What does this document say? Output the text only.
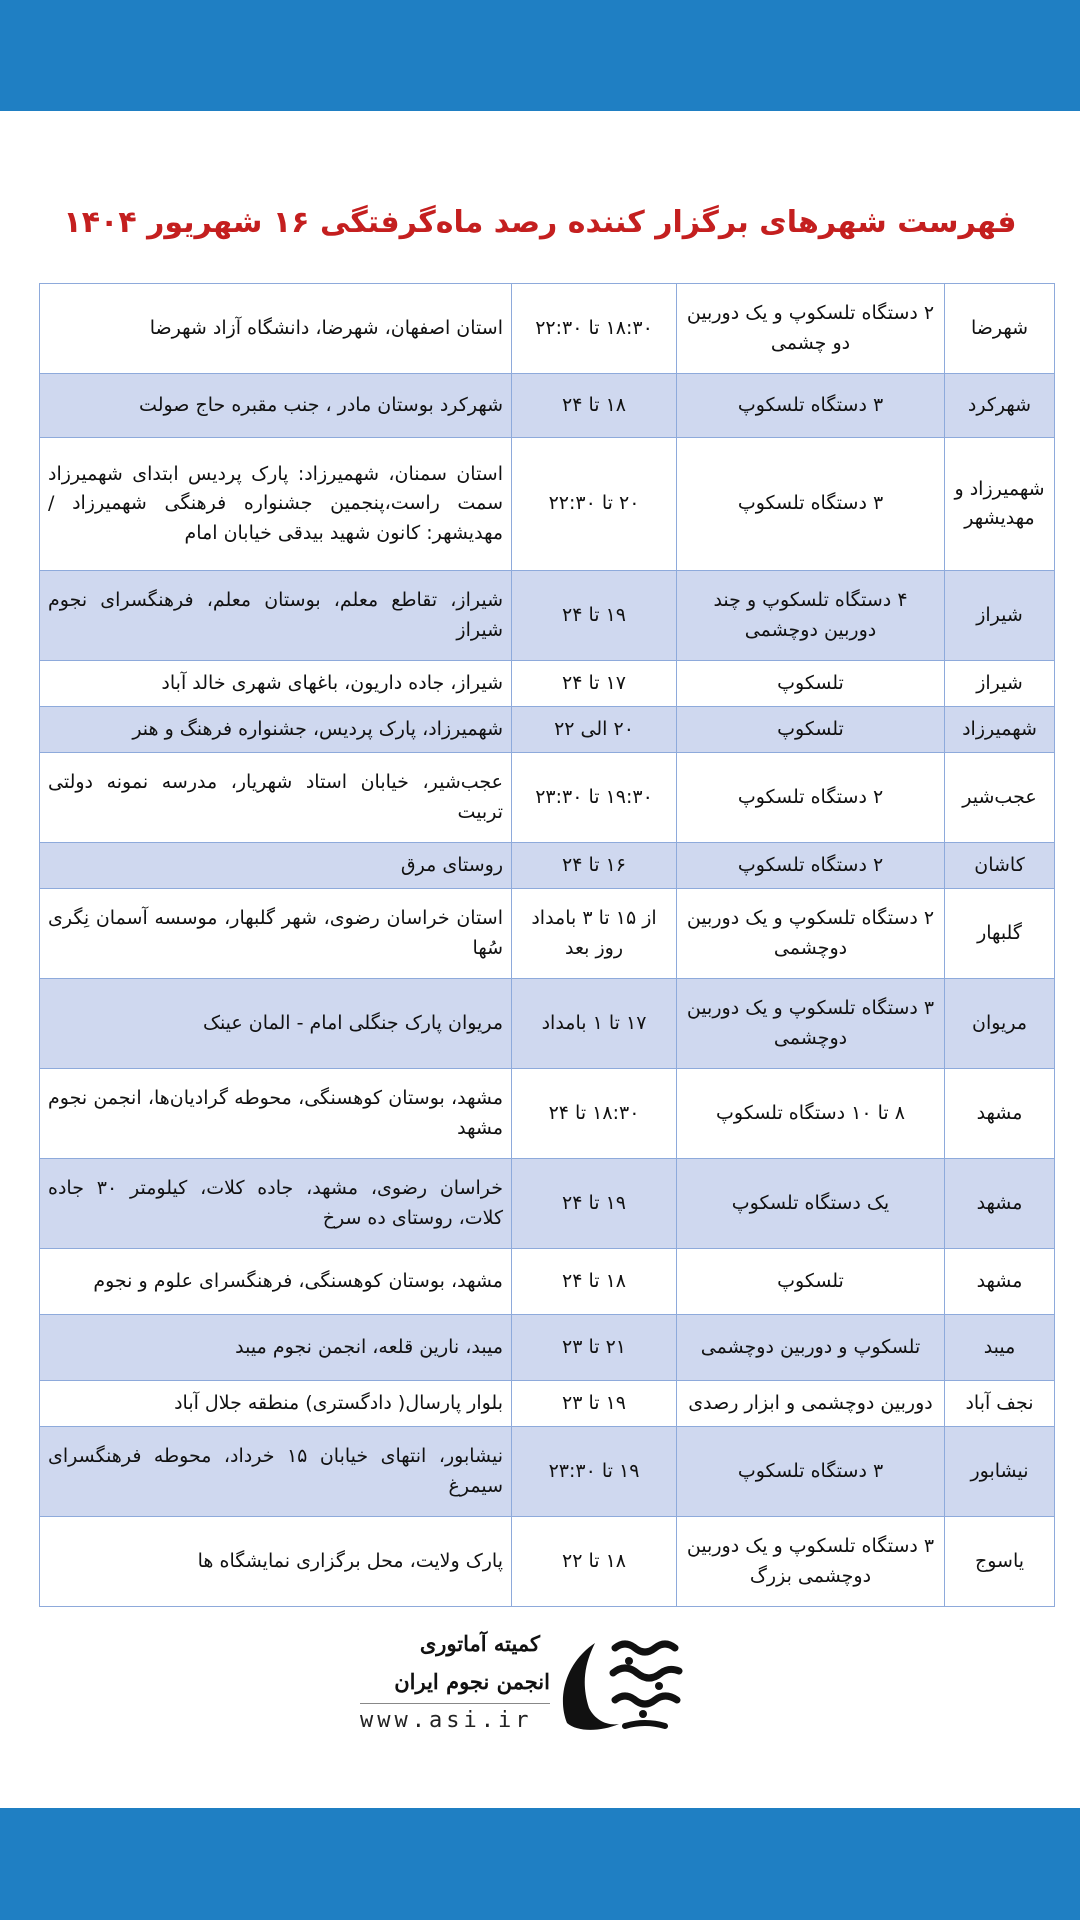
فهرست شهرهای برگزار کننده رصد ماه‌گرفتگی ۱۶ شهریور ۱۴۰۴
شهرضا	۲ دستگاه تلسکوپ و یک دوربین دو چشمی	۱۸:۳۰ تا ۲۲:۳۰	استان اصفهان، شهرضا، دانشگاه آزاد شهرضا
شهرکرد	۳ دستگاه تلسکوپ	۱۸ تا ۲۴	شهرکرد بوستان مادر ، جنب مقبره حاج صولت
شهمیرزاد و مهدیشهر	۳ دستگاه تلسکوپ	۲۰ تا ۲۲:۳۰	استان سمنان، شهمیرزاد: پارک پردیس ابتدای شهمیرزاد سمت راست،پنجمین جشنواره فرهنگی شهمیرزاد / مهدیشهر: کانون شهید بیدقی خیابان امام
شیراز	۴ دستگاه تلسکوپ و چند دوربین دوچشمی	۱۹ تا ۲۴	شیراز، تقاطع معلم، بوستان معلم، فرهنگسرای نجوم شیراز
شیراز	تلسکوپ	۱۷ تا ۲۴	شیراز، جاده داریون، باغهای شهری خالد آباد
شهمیرزاد	تلسکوپ	۲۰ الی ۲۲	شهمیرزاد، پارک پردیس، جشنواره فرهنگ و هنر
عجب‌شیر	۲ دستگاه تلسکوپ	۱۹:۳۰ تا ۲۳:۳۰	عجب‌شیر، خیابان استاد شهریار، مدرسه نمونه دولتی تربیت
کاشان	۲ دستگاه تلسکوپ	۱۶ تا ۲۴	روستای مرق
گلبهار	۲ دستگاه تلسکوپ و یک دوربین دوچشمی	از ۱۵ تا ۳ بامداد روز بعد	استان خراسان رضوی، شهر گلبهار، موسسه آسمان نِگری سُها
مریوان	۳ دستگاه تلسکوپ و یک دوربین دوچشمی	۱۷ تا ۱ بامداد	مریوان پارک جنگلی امام - المان عینک
مشهد	۸ تا ۱۰ دستگاه تلسکوپ	۱۸:۳۰ تا ۲۴	مشهد، بوستان کوهسنگی، محوطه گرادیان‌ها، انجمن نجوم مشهد
مشهد	یک دستگاه تلسکوپ	۱۹ تا ۲۴	خراسان رضوی، مشهد، جاده کلات، کیلومتر ۳۰ جاده کلات، روستای ده سرخ
مشهد	تلسکوپ	۱۸ تا ۲۴	مشهد، بوستان کوهسنگی، فرهنگسرای علوم و نجوم
میبد	تلسکوپ و دوربین دوچشمی	۲۱ تا ۲۳	میبد، نارین قلعه، انجمن نجوم میبد
نجف آباد	دوربین دوچشمی و ابزار رصدی	۱۹ تا ۲۳	بلوار پارسال( دادگستری) منطقه جلال آباد
نیشابور	۳ دستگاه تلسکوپ	۱۹ تا ۲۳:۳۰	نیشابور، انتهای خیابان ۱۵ خرداد، محوطه فرهنگسرای سیمرغ
یاسوج	۳ دستگاه تلسکوپ و یک دوربین دوچشمی بزرگ	۱۸ تا ۲۲	پارک ولایت، محل برگزاری نمایشگاه ها
کمیته آماتوری
انجمن نجوم ایران
www.asi.ir
